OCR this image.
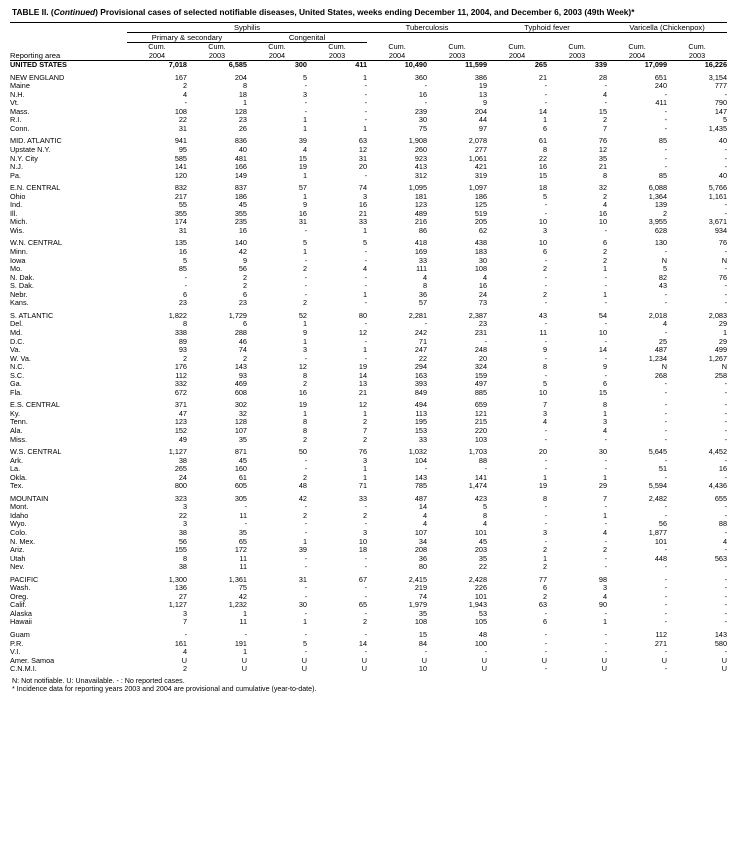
TABLE II. (Continued) Provisional cases of selected notifiable diseases, United States, weeks ending December 11, 2004, and December 6, 2003 (49th Week)*
	Syphilis				Tuberculosis		Typhoid fever		Varicella (Chickenpox)	
	Primary & secondary		Congenital							
	Cum.	Cum.	Cum.	Cum.	Cum.	Cum.	Cum.	Cum.	Cum.	Cum.
Reporting area	2004	2003	2004	2003	2004	2003	2004	2003	2004	2003
UNITED STATES	7,018	6,585	300	411	10,490	11,599	265	339	17,099	16,226

NEW ENGLAND	167	204	5	1	360	386	21	28	651	3,154
Maine	2	8	-	-	-	19	-	-	240	777
N.H.	4	18	3	-	16	13	-	4	-	-
Vt.	-	1	-	-	-	9	-	-	411	790
Mass.	108	128	-	-	239	204	14	15	-	147
R.I.	22	23	1	-	30	44	1	2	-	5
Conn.	31	26	1	1	75	97	6	7	-	1,435

MID. ATLANTIC	941	836	39	63	1,908	2,078	61	76	85	40
Upstate N.Y.	95	40	4	12	260	277	8	12	-	-
N.Y. City	585	481	15	31	923	1,061	22	35	-	-
N.J.	141	166	19	20	413	421	16	21	-	-
Pa.	120	149	1	-	312	319	15	8	85	40

E.N. CENTRAL	832	837	57	74	1,095	1,097	18	32	6,088	5,766
Ohio	217	186	1	3	181	186	5	2	1,364	1,161
Ind.	55	45	9	16	123	125	-	4	139	-
Ill.	355	355	16	21	489	519	-	16	2	-
Mich.	174	235	31	33	216	205	10	10	3,955	3,671
Wis.	31	16	-	1	86	62	3	-	628	934

W.N. CENTRAL	135	140	5	5	418	438	10	6	130	76
Minn.	16	42	1	-	169	183	6	2	-	-
Iowa	5	9	-	-	33	30	-	2	N	N
Mo.	85	56	2	4	111	108	2	1	5	-
N. Dak.	-	2	-	-	4	4	-	-	82	76
S. Dak.	-	2	-	-	8	16	-	-	43	-
Nebr.	6	6	-	1	36	24	2	1	-	-
Kans.	23	23	2	-	57	73	-	-	-	-

S. ATLANTIC	1,822	1,729	52	80	2,281	2,387	43	54	2,018	2,083
Del.	8	6	1	-	-	23	-	-	4	29
Md.	338	288	9	12	242	231	11	10	-	1
D.C.	89	46	1	-	71	-	-	-	25	29
Va.	93	74	3	1	247	248	9	14	487	499
W. Va.	2	2	-	-	22	20	-	-	1,234	1,267
N.C.	176	143	12	19	294	324	8	9	N	N
S.C.	112	93	8	14	163	159	-	-	268	258
Ga.	332	469	2	13	393	497	5	6	-	-
Fla.	672	608	16	21	849	885	10	15	-	-

E.S. CENTRAL	371	302	19	12	494	659	7	8	-	-
Ky.	47	32	1	1	113	121	3	1	-	-
Tenn.	123	128	8	2	195	215	4	3	-	-
Ala.	152	107	8	7	153	220	-	4	-	-
Miss.	49	35	2	2	33	103	-	-	-	-

W.S. CENTRAL	1,127	871	50	76	1,032	1,703	20	30	5,645	4,452
Ark.	38	45	-	3	104	88	-	-	-	-
La.	265	160	-	1	-	-	-	-	51	16
Okla.	24	61	2	1	143	141	1	1	-	-
Tex.	800	605	48	71	785	1,474	19	29	5,594	4,436

MOUNTAIN	323	305	42	33	487	423	8	7	2,482	655
Mont.	3	-	-	-	14	5	-	-	-	-
Idaho	22	11	2	2	4	8	-	1	-	-
Wyo.	3	-	-	-	4	4	-	-	56	88
Colo.	38	35	-	3	107	101	3	4	1,877	-
N. Mex.	56	65	1	10	34	45	-	-	101	4
Ariz.	155	172	39	18	208	203	2	2	-	-
Utah	8	11	-	-	36	35	1	-	448	563
Nev.	38	11	-	-	80	22	2	-	-	-

PACIFIC	1,300	1,361	31	67	2,415	2,428	77	98	-	-
Wash.	136	75	-	-	219	226	6	3	-	-
Oreg.	27	42	-	-	74	101	2	4	-	-
Calif.	1,127	1,232	30	65	1,979	1,943	63	90	-	-
Alaska	3	1	-	-	35	53	-	-	-	-
Hawaii	7	11	1	2	108	105	6	1	-	-

Guam	-	-	-	-	15	48	-	-	112	143
P.R.	161	191	5	14	84	100	-	-	271	580
V.I.	4	1	-	-	-	-	-	-	-	-
Amer. Samoa	U	U	U	U	U	U	U	U	U	U
C.N.M.I.	2	U	U	U	10	U	-	U	-	U
N: Not notifiable. U: Unavailable. - : No reported cases.
* Incidence data for reporting years 2003 and 2004 are provisional and cumulative (year-to-date).
